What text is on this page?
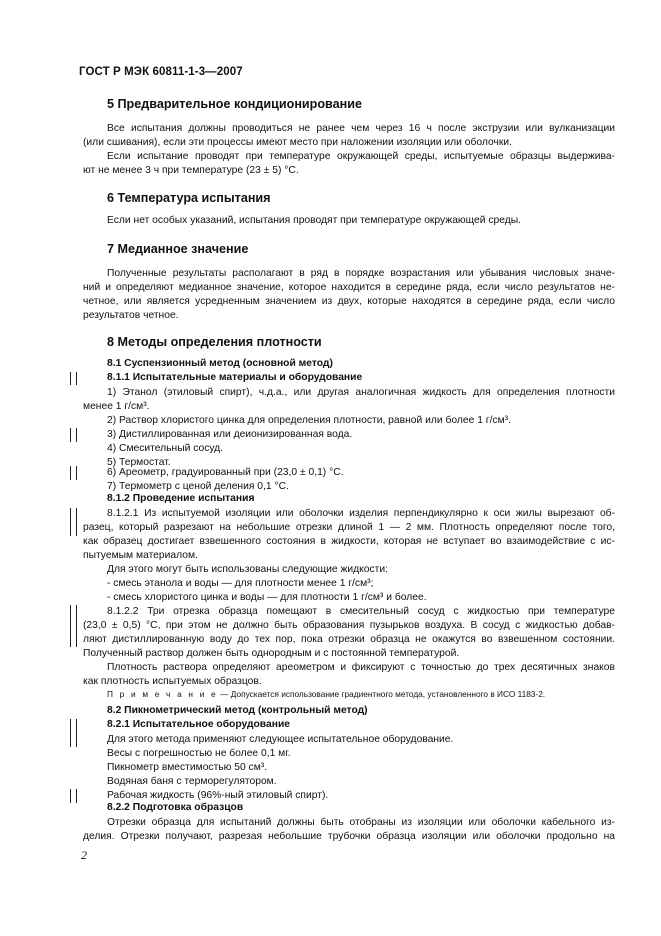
ГОСТ Р МЭК 60811-1-3—2007
5 Предварительное кондиционирование
Все испытания должны проводиться не ранее чем через 16 ч после экструзии или вулканизации
(или сшивания), если эти процессы имеют место при наложении изоляции или оболочки.
Если испытание проводят при температуре окружающей среды, испытуемые образцы выдержива-
ют не менее 3 ч при температуре (23 ± 5) °С.
6 Температура испытания
Если нет особых указаний, испытания проводят при температуре окружающей среды.
7 Медианное значение
Полученные результаты располагают в ряд в порядке возрастания или убывания числовых значе-
ний и определяют медианное значение, которое находится в середине ряда, если число результатов не-
четное, или является усредненным значением из двух, которые находятся в середине ряда, если число
результатов четное.
8 Методы определения плотности
8.1 Суспензионный метод (основной метод)
8.1.1 Испытательные материалы и оборудование
1) Этанол (этиловый спирт), ч.д.а., или другая аналогичная жидкость для определения плотности
менее 1 г/см³.
2) Раствор хлористого цинка для определения плотности, равной или более 1 г/см³.
3) Дистиллированная или деионизированная вода.
4) Смесительный сосуд.
5) Термостат.
6) Ареометр, градуированный при (23,0 ± 0,1) °С.
7) Термометр с ценой деления 0,1 °С.
8.1.2 Проведение испытания
8.1.2.1 Из испытуемой изоляции или оболочки изделия перпендикулярно к оси жилы вырезают об-
разец, который разрезают на небольшие отрезки длиной 1 — 2 мм. Плотность определяют после того,
как образец достигает взвешенного состояния в жидкости, которая не вступает во взаимодействие с ис-
пытуемым материалом.
Для этого могут быть использованы следующие жидкости:
- смесь этанола и воды — для плотности менее 1 г/см³;
- смесь хлористого цинка и воды — для плотности 1 г/см³ и более.
8.1.2.2 Три отрезка образца помещают в смесительный сосуд с жидкостью при температуре
(23,0 ± 0,5) °С, при этом не должно быть образования пузырьков воздуха. В сосуд с жидкостью добав-
ляют дистиллированную воду до тех пор, пока отрезки образца не окажутся во взвешенном состоянии.
Полученный раствор должен быть однородным и с постоянной температурой.
Плотность раствора определяют ареометром и фиксируют с точностью до трех десятичных знаков
как плотность испытуемых образцов.
П р и м е ч а н и е — Допускается использование градиентного метода, установленного в ИСО 1183-2.
8.2 Пикнометрический метод (контрольный метод)
8.2.1 Испытательное оборудование
Для этого метода применяют следующее испытательное оборудование.
Весы с погрешностью не более 0,1 мг.
Пикнометр вместимостью 50 см³.
Водяная баня с терморегулятором.
Рабочая жидкость (96%-ный этиловый спирт).
8.2.2 Подготовка образцов
Отрезки образца для испытаний должны быть отобраны из изоляции или оболочки кабельного из-
делия. Отрезки получают, разрезая небольшие трубочки образца изоляции или оболочки продольно на
2
